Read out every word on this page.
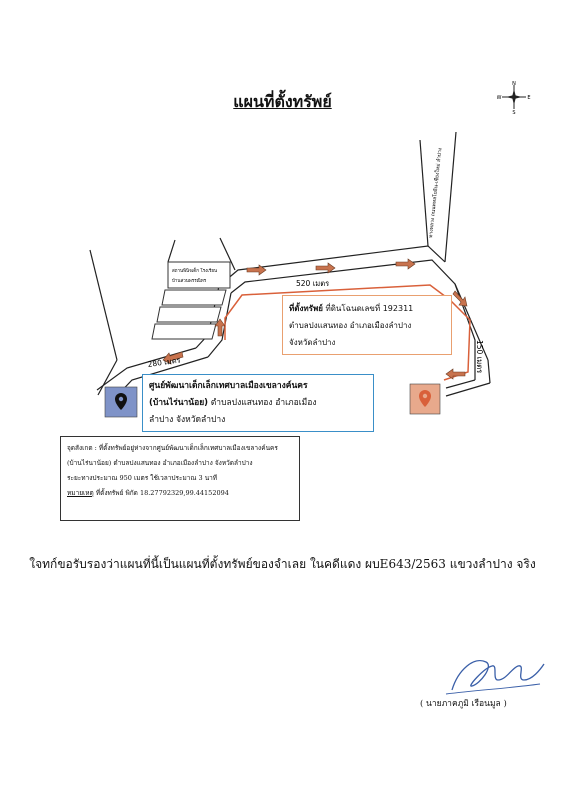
แผนที่ตั้งทรัพย์
N
S
E
W
สถานพินิจเด็ก โรงเรียน
บ้านสวนพรรณิทร	520 เมตร
280 เมตร	150 เมตร
ทางหลวง ถนนพหลโยธิน-เชียงใหม่ ลำปาง
ที่ตั้งทรัพย์ ที่ดินโฉนดเลขที่ 192311
ตำบลปงแสนทอง อำเภอเมืองลำปาง
จังหวัดลำปาง
ศูนย์พัฒนาเด็กเล็กเทศบาลเมืองเขลางค์นคร
(บ้านไร่นาน้อย) ตำบลปงแสนทอง อำเภอเมือง
ลำปาง จังหวัดลำปาง
จุดสังเกต : ที่ตั้งทรัพย์อยู่ห่างจากศูนย์พัฒนาเด็กเล็กเทศบาลเมืองเขลางค์นคร
(บ้านไร่นาน้อย) ตำบลปงแสนทอง อำเภอเมืองลำปาง จังหวัดลำปาง
ระยะทางประมาณ 950 เมตร ใช้เวลาประมาณ 3 นาที
หมายเหตุ ที่ตั้งทรัพย์ พิกัด 18.27792329,99.44152094
ใจทก์ขอรับรองว่าแผนที่นี้เป็นแผนที่ตั้งทรัพย์ของจำเลย ในคดีแดง ผบE643/2563 แขวงลำปาง จริง
( นายภาคภูมิ เรือนมูล )
